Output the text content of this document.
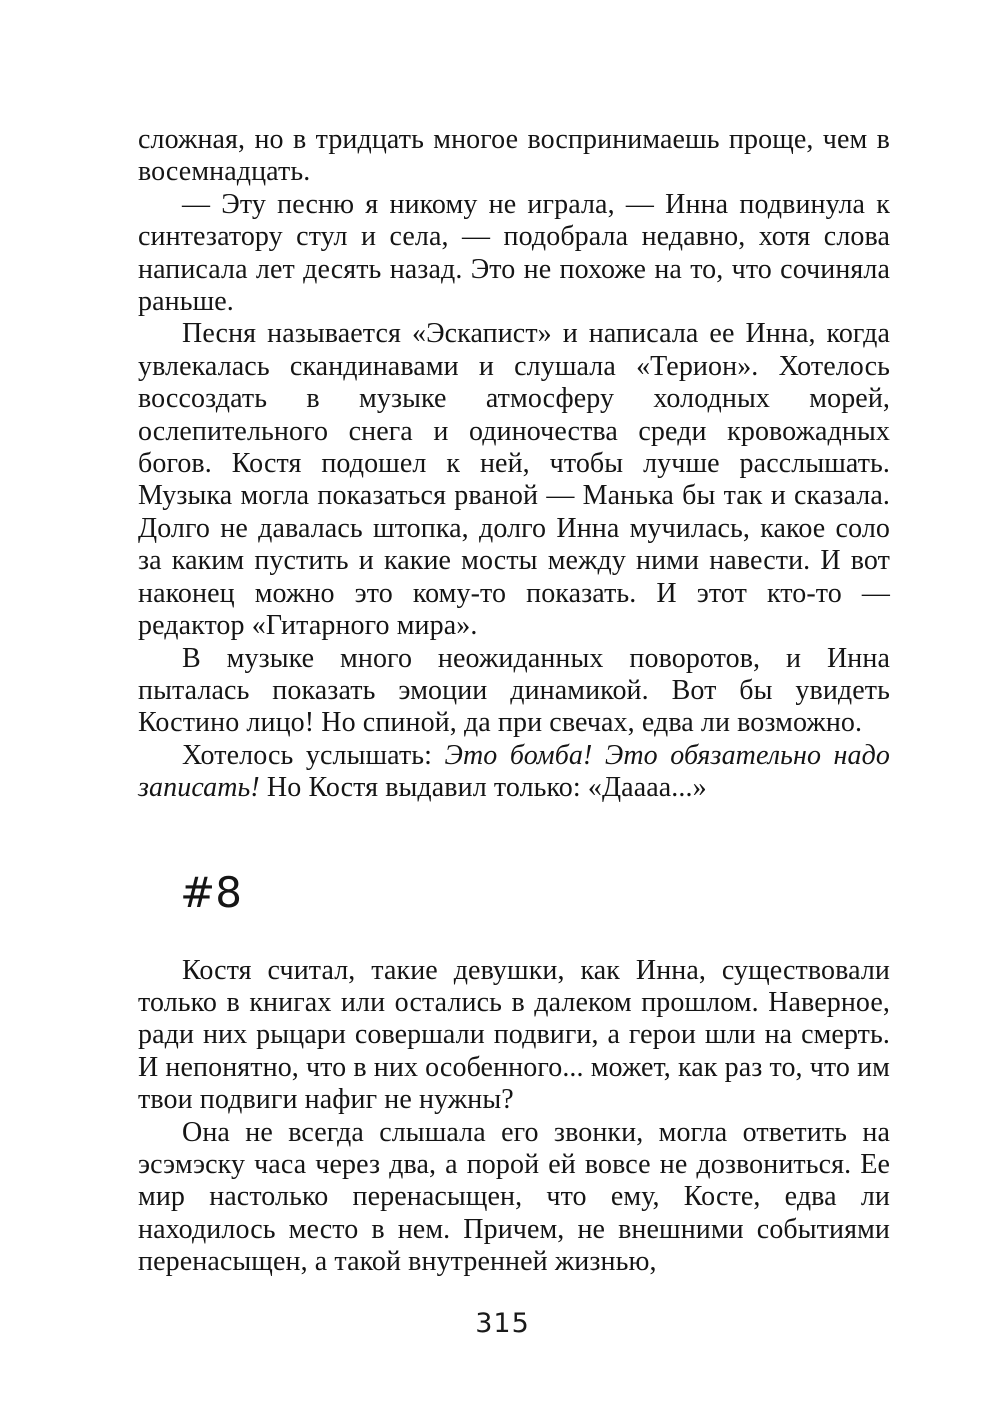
сложная, но в тридцать многое воспринимаешь проще, чем в восемнадцать.

— Эту песню я никому не играла, — Инна подвинула к синтезатору стул и села, — подобрала недавно, хотя слова написала лет десять назад. Это не похоже на то, что сочиняла раньше.

Песня называется «Эскапист» и написала ее Инна, когда увлекалась скандинавами и слушала «Терион». Хотелось воссоздать в музыке атмосферу холодных морей, ослепительного снега и одиночества среди кровожадных богов. Костя подошел к ней, чтобы лучше расслышать. Музыка могла показаться рваной — Манька бы так и сказала. Долго не давалась штопка, долго Инна мучилась, какое соло за каким пустить и какие мосты между ними навести. И вот наконец можно это кому-то показать. И этот кто-то — редактор «Гитарного мира».

В музыке много неожиданных поворотов, и Инна пыталась показать эмоции динамикой. Вот бы увидеть Костино лицо! Но спиной, да при свечах, едва ли возможно.

Хотелось услышать: Это бомба! Это обязательно надо записать! Но Костя выдавил только: «Даааа...»

#8

Костя считал, такие девушки, как Инна, существовали только в книгах или остались в далеком прошлом. Наверное, ради них рыцари совершали подвиги, а герои шли на смерть. И непонятно, что в них особенного... может, как раз то, что им твои подвиги нафиг не нужны?

Она не всегда слышала его звонки, могла ответить на эсэмэску часа через два, а порой ей вовсе не дозвониться. Ее мир настолько перенасыщен, что ему, Косте, едва ли находилось место в нем. Причем, не внешними событиями перенасыщен, а такой внутренней жизнью,

315
